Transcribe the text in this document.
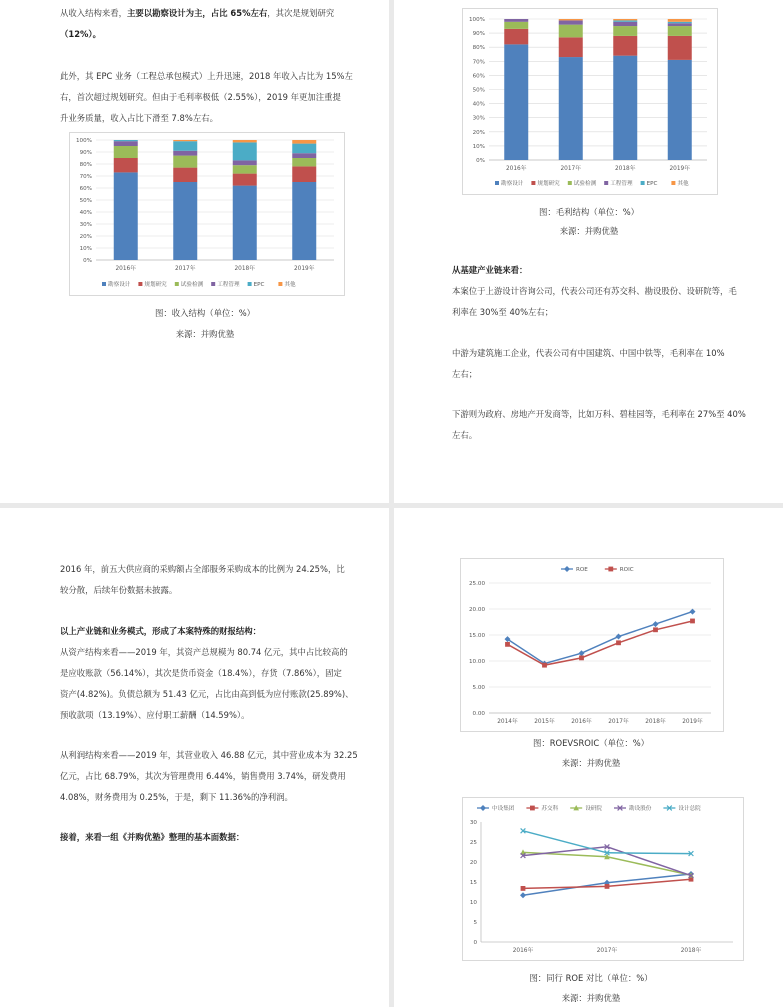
从收入结构来看，主要以勘察设计为主，占比 65%左右，其次是规划研究

（12%）。

此外，其 EPC 业务（工程总承包模式）上升迅速，2018 年收入占比为 15%左

右，首次超过规划研究。但由于毛利率极低（2.55%），2019 年更加注重提

升业务质量，收入占比下滑至 7.8%左右。

0%
10%
20%
30%
40%
50%
60%
70%
80%
90%
100%
2016年	2017年	2018年	2019年
勘察设计	规划研究	试验检测	工程管理	EPC	其他
图：收入结构（单位：%）
来源：并购优塾
0%
10%
20%
30%
40%
50%
60%
70%
80%
90%
100%
2016年	2017年	2018年	2019年
勘察设计	规划研究	试验检测	工程管理	EPC	其他
图：毛利结构（单位：%）
来源：并购优塾

从基建产业链来看：

本案位于上游设计咨询公司，代表公司还有苏交科、勘设股份、设研院等，毛

利率在 30%至 40%左右；

中游为建筑施工企业，代表公司有中国建筑、中国中铁等，毛利率在 10%

左右；

下游则为政府、房地产开发商等，比如万科、碧桂园等，毛利率在 27%至 40%

左右。

2016 年，前五大供应商的采购额占全部服务采购成本的比例为 24.25%，比

较分散，后续年份数据未披露。

以上产业链和业务模式，形成了本案特殊的财报结构：

从资产结构来看——2019 年，其资产总规模为 80.74 亿元，其中占比较高的

是应收账款（56.14%），其次是货币资金（18.4%），存货（7.86%），固定

资产(4.82%)。负债总额为 51.43 亿元，占比由高到低为应付账款(25.89%)、

预收款项（13.19%）、应付职工薪酬（14.59%）。

从利润结构来看——2019 年，其营业收入 46.88 亿元，其中营业成本为 32.25

亿元，占比 68.79%，其次为管理费用 6.44%，销售费用 3.74%，研发费用

4.08%，财务费用为 0.25%，于是，剩下 11.36%的净利润。

接着，来看一组《并购优塾》整理的基本面数据：

0.00
5.00
10.00
15.00
20.00
25.00
2014年	2015年	2016年	2017年	2018年	2019年
ROE	ROIC
图：ROEVSROIC（单位：%）
来源：并购优塾
0
5
10
15
20
25
30
2016年	2017年	2018年
中设集团	苏交科	设研院	勘设股份	设计总院
图：同行 ROE 对比（单位：%）
来源：并购优塾
